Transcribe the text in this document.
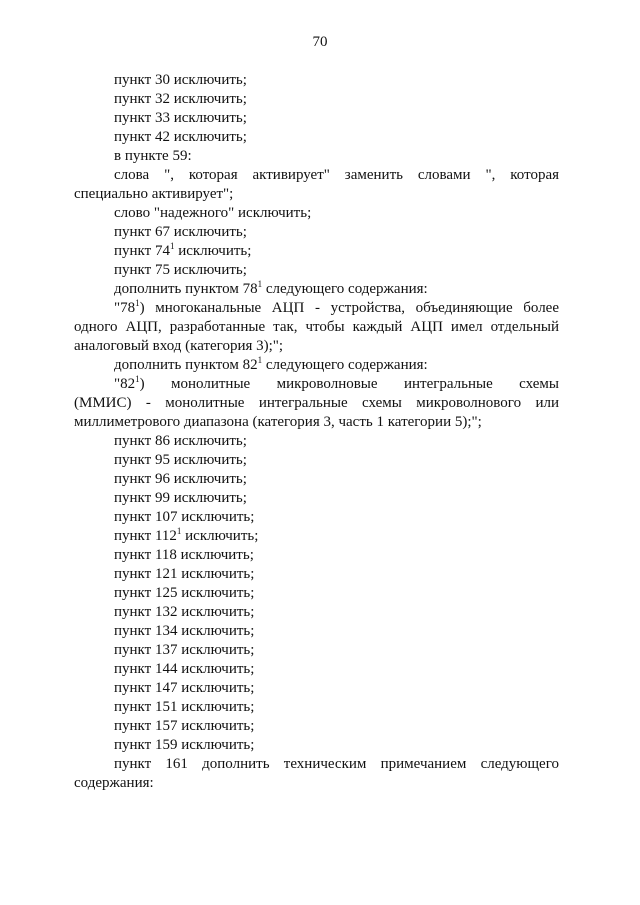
70
пункт 30 исключить;
пункт 32 исключить;
пункт 33 исключить;
пункт 42 исключить;
в пункте 59:
слова ", которая активирует" заменить словами ", которая
специально активирует";
слово "надежного" исключить;
пункт 67 исключить;
пункт $74^1$ исключить;
пункт 75 исключить;
дополнить пунктом $78^1$ следующего содержания:
"$78^1$) многоканальные АЦП - устройства, объединяющие более
одного АЦП, разработанные так, чтобы каждый АЦП имел отдельный
аналоговый вход (категория 3);";
дополнить пунктом $82^1$ следующего содержания:
"$82^1$) монолитные микроволновые интегральные схемы
(ММИС) - монолитные интегральные схемы микроволнового или
миллиметрового диапазона (категория 3, часть 1 категории 5);";
пункт 86 исключить;
пункт 95 исключить;
пункт 96 исключить;
пункт 99 исключить;
пункт 107 исключить;
пункт $112^1$ исключить;
пункт 118 исключить;
пункт 121 исключить;
пункт 125 исключить;
пункт 132 исключить;
пункт 134 исключить;
пункт 137 исключить;
пункт 144 исключить;
пункт 147 исключить;
пункт 151 исключить;
пункт 157 исключить;
пункт 159 исключить;
пункт 161 дополнить техническим примечанием следующего
содержания:
